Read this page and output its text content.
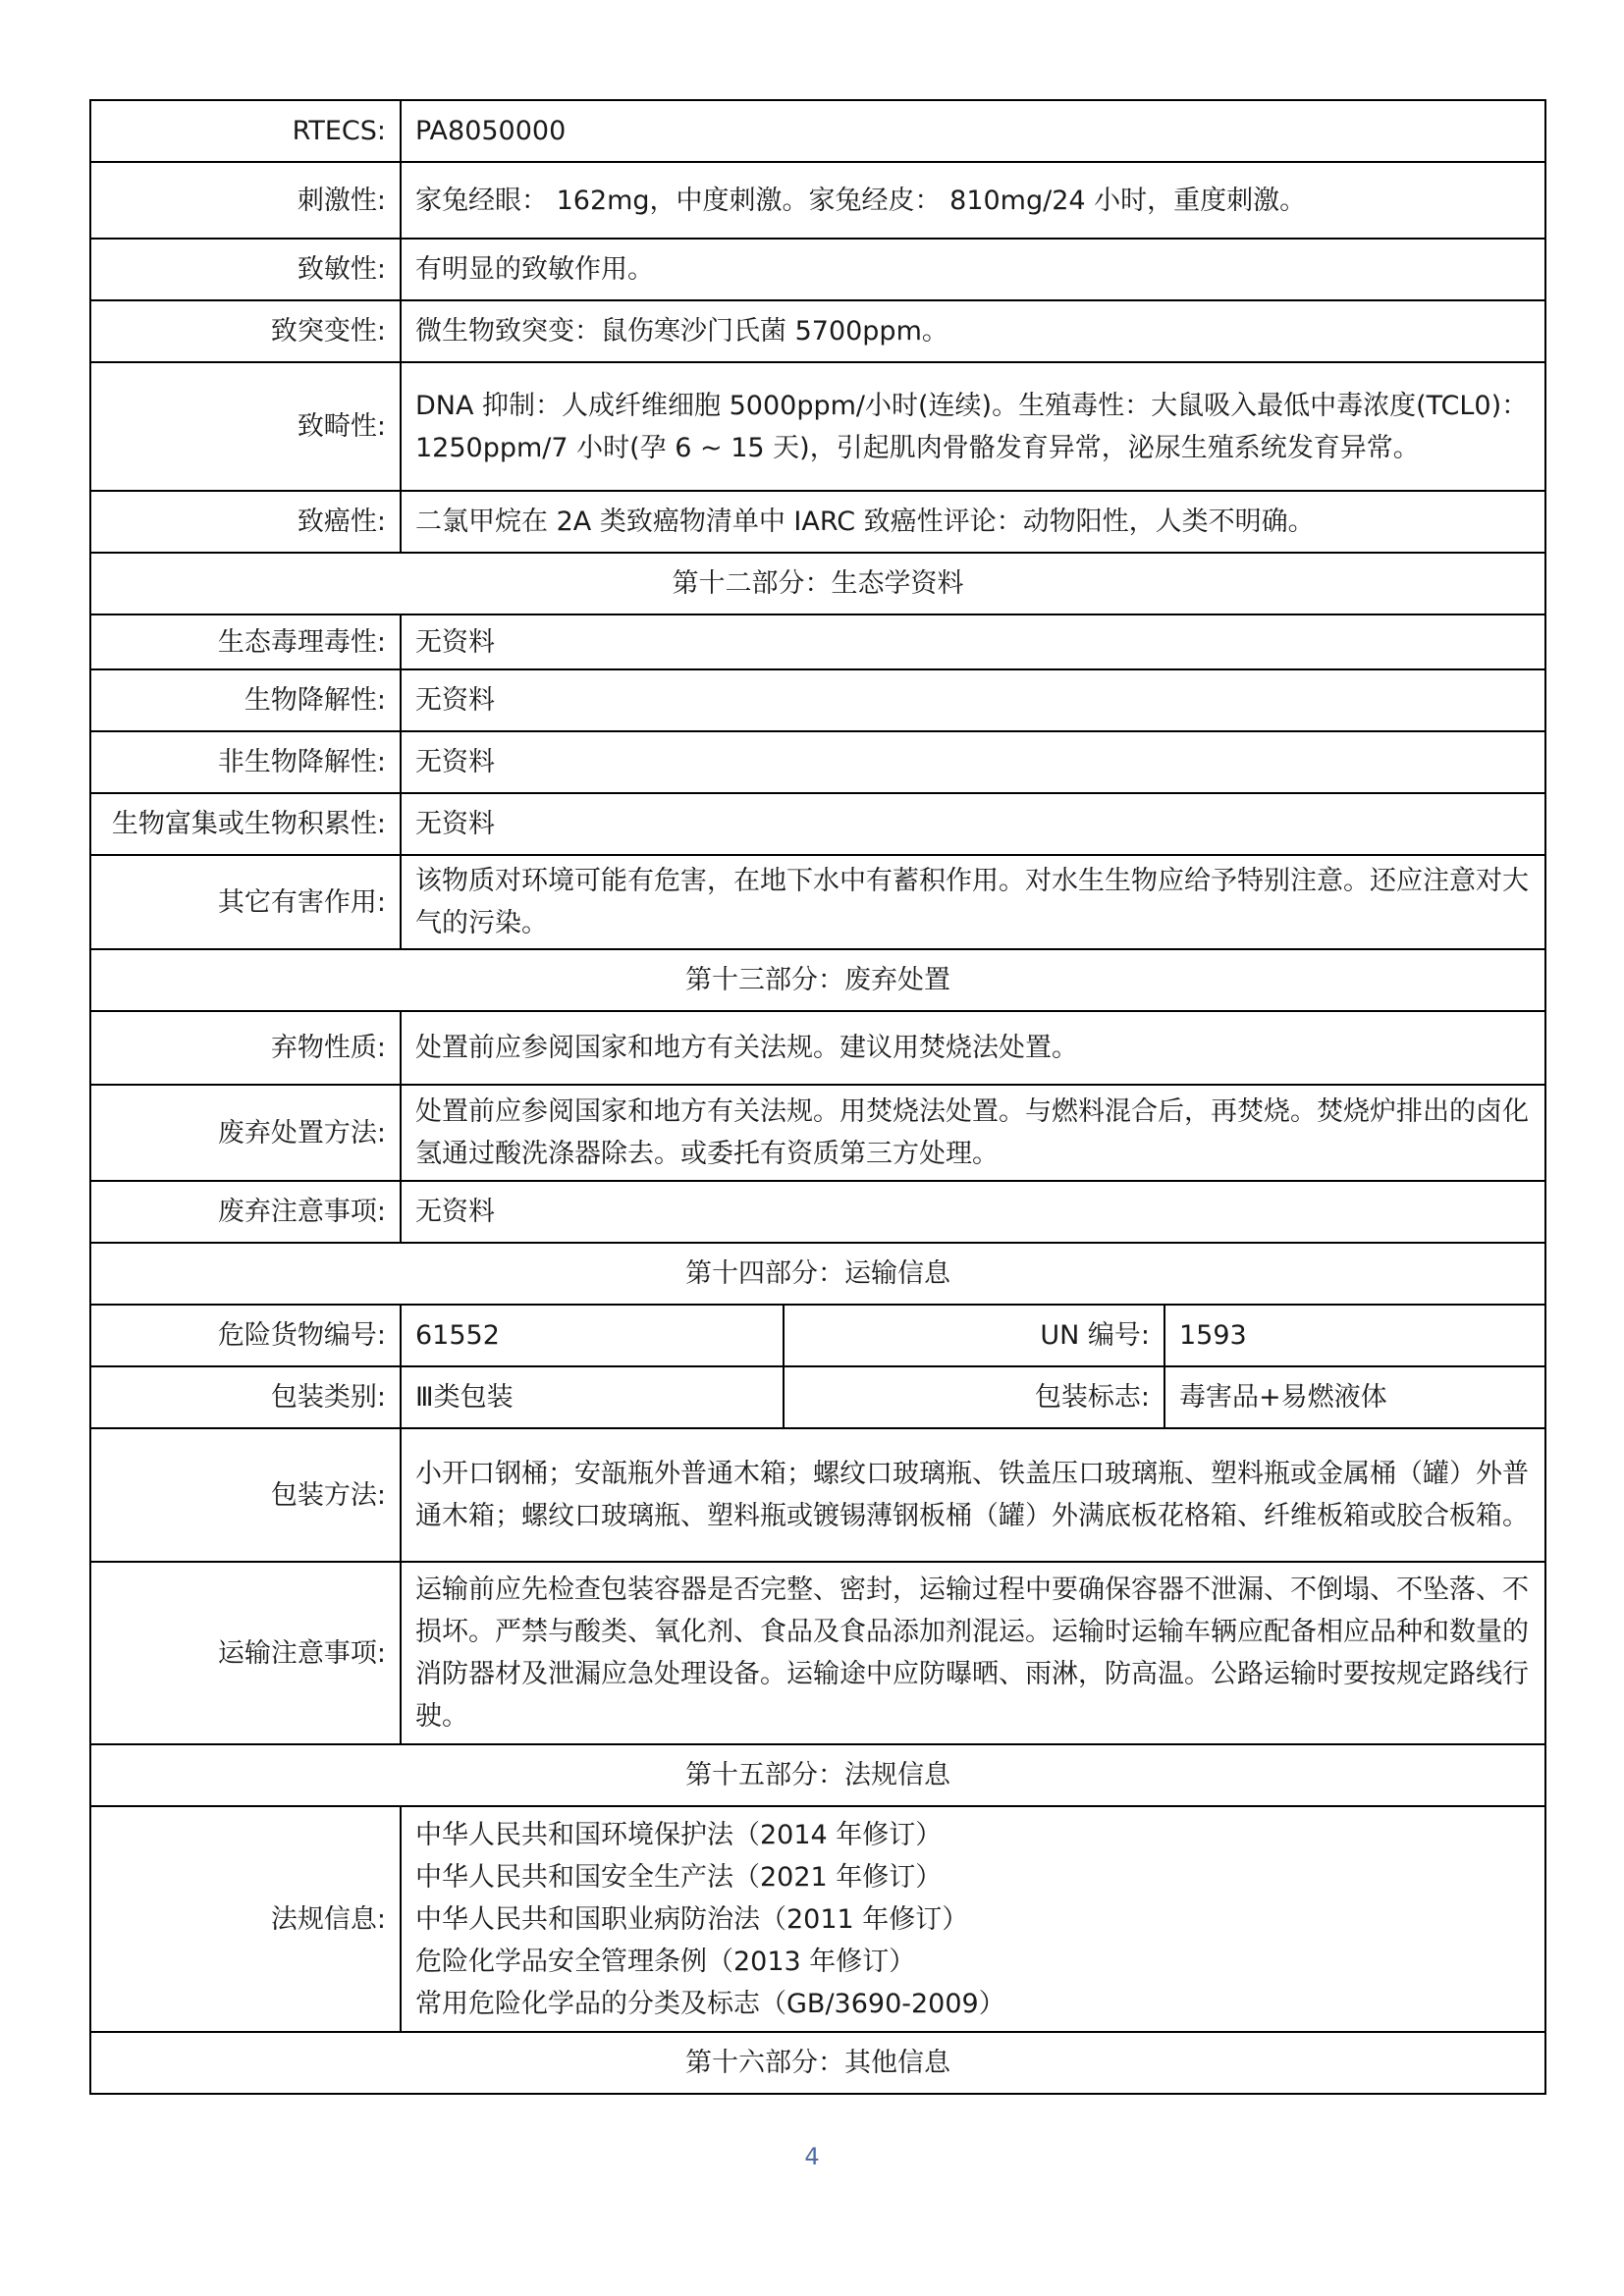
RTECS:	PA8050000		
刺激性:	家兔经眼： 162mg，中度刺激。家兔经皮： 810mg/24 小时，重度刺激。		
致敏性:	有明显的致敏作用。		
致突变性:	微生物致突变：鼠伤寒沙门氏菌 5700ppm。		
致畸性:	DNA 抑制：人成纤维细胞 5000ppm/小时(连续)。生殖毒性：大鼠吸入最低中毒浓度(TCL0)：1250ppm/7 小时(孕 6 ~ 15 天)，引起肌肉骨骼发育异常，泌尿生殖系统发育异常。		
致癌性:	二氯甲烷在 2A 类致癌物清单中 IARC 致癌性评论：动物阳性，人类不明确。		
第十二部分：生态学资料			
生态毒理毒性:	无资料		
生物降解性:	无资料		
非生物降解性:	无资料		
生物富集或生物积累性:	无资料		
其它有害作用:	该物质对环境可能有危害，在地下水中有蓄积作用。对水生生物应给予特别注意。还应注意对大气的污染。		
第十三部分：废弃处置			
弃物性质:	处置前应参阅国家和地方有关法规。建议用焚烧法处置。		
废弃处置方法:	处置前应参阅国家和地方有关法规。用焚烧法处置。与燃料混合后，再焚烧。焚烧炉排出的卤化氢通过酸洗涤器除去。或委托有资质第三方处理。		
废弃注意事项:	无资料		
第十四部分：运输信息			
危险货物编号:	61552	UN 编号:	1593
包装类别:	Ⅲ类包装	包装标志:	毒害品+易燃液体
包装方法:	小开口钢桶；安瓿瓶外普通木箱；螺纹口玻璃瓶、铁盖压口玻璃瓶、塑料瓶或金属桶（罐）外普通木箱；螺纹口玻璃瓶、塑料瓶或镀锡薄钢板桶（罐）外满底板花格箱、纤维板箱或胶合板箱。		
运输注意事项:	运输前应先检查包装容器是否完整、密封，运输过程中要确保容器不泄漏、不倒塌、不坠落、不损坏。严禁与酸类、氧化剂、食品及食品添加剂混运。运输时运输车辆应配备相应品种和数量的消防器材及泄漏应急处理设备。运输途中应防曝晒、雨淋，防高温。公路运输时要按规定路线行驶。		
第十五部分：法规信息			
法规信息:	中华人民共和国环境保护法（2014 年修订）
中华人民共和国安全生产法（2021 年修订）
中华人民共和国职业病防治法（2011 年修订）
危险化学品安全管理条例（2013 年修订）
常用危险化学品的分类及标志（GB/3690-2009）		

第十六部分：其他信息			
4
